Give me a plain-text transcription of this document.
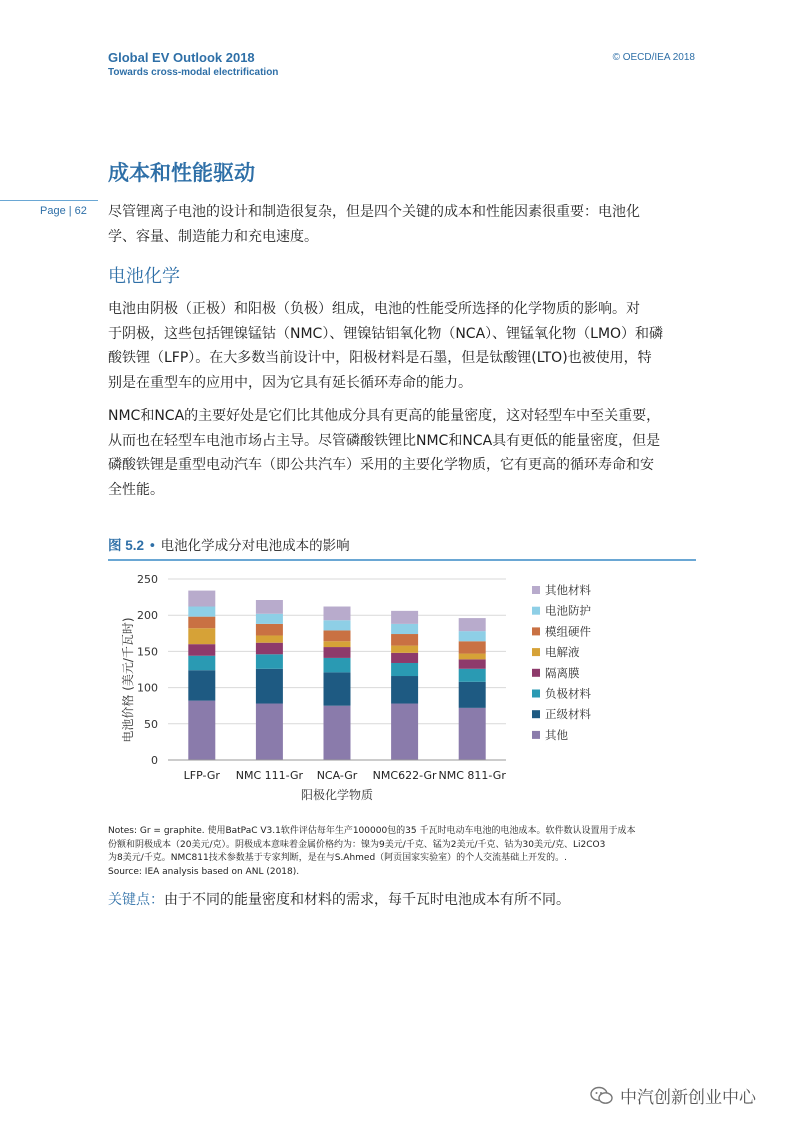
Global EV Outlook 2018
Towards cross-modal electrification
© OECD/IEA 2018
成本和性能驱动
Page | 62 尽管锂离子电池的设计和制造很复杂，但是四个关键的成本和性能因素很重要：电池化
学、容量、制造能力和充电速度。
电池化学
电池由阴极（正极）和阳极（负极）组成，电池的性能受所选择的化学物质的影响。对
于阴极，这些包括锂镍锰钴（NMC）、锂镍钴铝氧化物（NCA）、锂锰氧化物（LMO）和磷
酸铁锂（LFP）。在大多数当前设计中，阳极材料是石墨，但是钛酸锂(LTO)也被使用，特
别是在重型车的应用中，因为它具有延长循环寿命的能力。
NMC和NCA的主要好处是它们比其他成分具有更高的能量密度，这对轻型车中至关重要，
从而也在轻型车电池市场占主导。尽管磷酸铁锂比NMC和NCA具有更低的能量密度，但是
磷酸铁锂是重型电动汽车（即公共汽车）采用的主要化学物质，它有更高的循环寿命和安
全性能。
图 5.2 • 电池化学成分对电池成本的影响
0
50
100
150
200
250
LFP-Gr NMC 111-Gr NCA-Gr NMC622-Gr NMC 811-Gr
其他材料
电池防护
模组硬件
电解液
隔离膜
负极材料
正级材料
其他
电池价格 (美元/千瓦时)
阳极化学物质
Notes: Gr = graphite. 使用BatPaC V3.1软件评估每年生产100000包的35 千瓦时电动车电池的电池成本。软件数认设置用于成本
份额和阴极成本（20美元/克）。阴极成本意味着金属价格约为：镍为9美元/千克、锰为2美元/千克、钴为30美元/克、Li2CO3
为8美元/千克。NMC811技术参数基于专家判断，是在与S.Ahmed（阿贡国家实验室）的个人交流基础上开发的。.
Source: IEA analysis based on ANL (2018).
关键点：由于不同的能量密度和材料的需求，每千瓦时电池成本有所不同。
中汽创新创业中心
